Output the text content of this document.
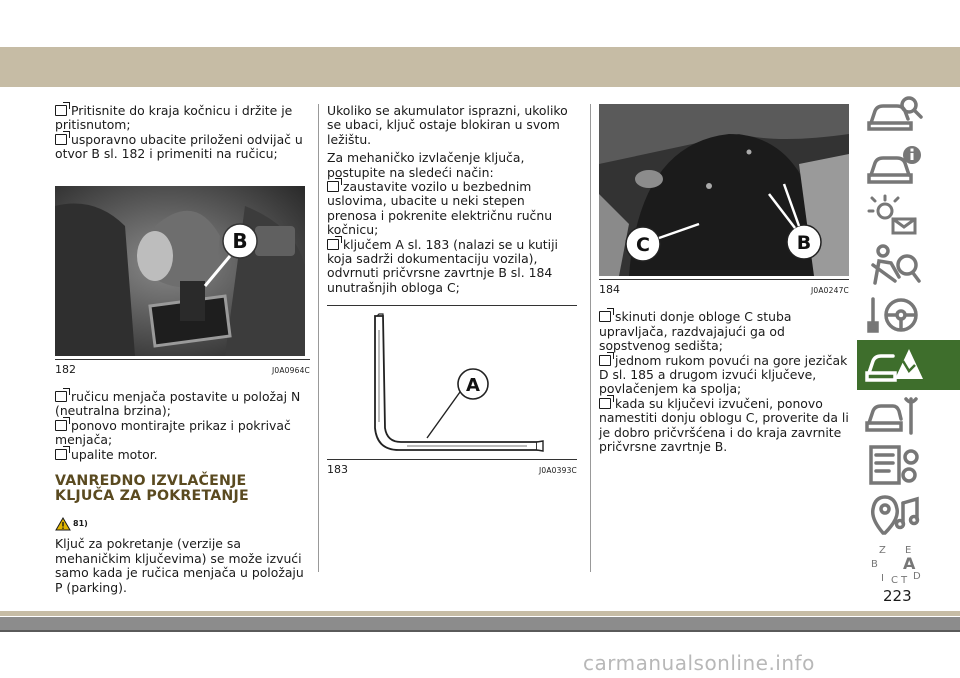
Pritisnite do kraja kočnicu i držite je pritisnutom;
usporavno ubacite priloženi odvijač u otvor B sl. 182 i primeniti na ručicu;
B
182	J0A0964C
ručicu menjača postavite u položaj N (neutralna brzina);
ponovo montirajte prikaz i pokrivač menjača;
upalite motor.
VANREDNO IZVLAČENJE
KLJUČA ZA POKRETANJE
81)

Ključ za pokretanje (verzije sa mehaničkim ključevima) se može izvući samo kada je ručica menjača u položaju P (parking).

Ukoliko se akumulator isprazni, ukoliko se ubaci, ključ ostaje blokiran u svom ležištu.

Za mehaničko izvlačenje ključa, postupite na sledeći način:

zaustavite vozilo u bezbednim uslovima, ubacite u neki stepen prenosa i pokrenite električnu ručnu kočnicu;
ključem A sl. 183 (nalazi se u kutiji koja sadrži dokumentaciju vozila), odvrnuti pričvrsne zavrtnje B sl. 184 unutrašnjih obloga C;
A
183	J0A0393C
B
C
184	J0A0247C
skinuti donje obloge C stuba upravljača, razdvajajući ga od sopstvenog sedišta;
jednom rukom povući na gore jezičak D sl. 185 a drugom izvući ključeve, povlačenjem ka spolja;
kada su ključevi izvučeni, ponovo namestiti donju oblogu C, proverite da li je dobro pričvršćena i do kraja zavrnite pričvrsne zavrtnje B.
Z E
B A
I C T D
223
carmanualsonline.info
